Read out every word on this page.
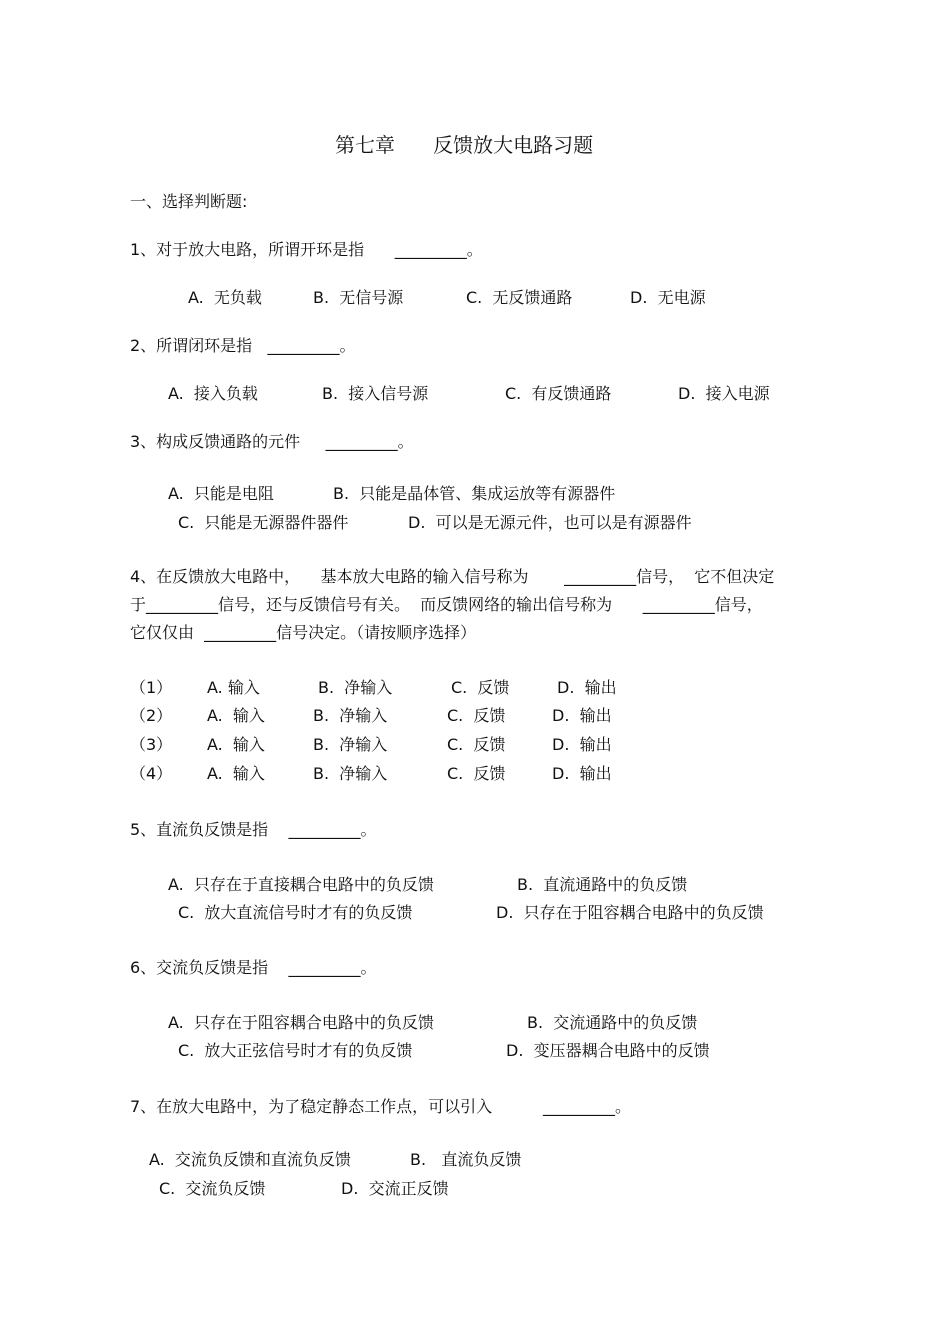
第七章      反馈放大电路习题
一、选择判断题:
1、对于放大电路，所谓开环是指      _________。
A.  无负载	B.  无信号源	C.  无反馈通路	D.  无电源
2、所谓闭环是指   _________。
A.  接入负载	B.  接入信号源	C.  有反馈通路	D.  接入电源
3、构成反馈通路的元件     _________。
A.  只能是电阻	B.  只能是晶体管、集成运放等有源器件
C.  只能是无源器件器件	D.  可以是无源元件，也可以是有源器件
4、在反馈放大电路中，    基本放大电路的输入信号称为       _________信号，  它不但决定
于_________信号，还与反馈信号有关。  而反馈网络的输出信号称为      _________信号，
它仅仅由  _________信号决定。（请按顺序选择）
（1） A. 输入	B.  净输入	C.  反馈	D.  输出
（2） A.  输入	B.  净输入	C.  反馈	D.  输出
（3） A.  输入	B.  净输入	C.  反馈	D.  输出
（4） A.  输入	B.  净输入	C.  反馈	D.  输出
5、直流负反馈是指    _________。
A.  只存在于直接耦合电路中的负反馈	B.  直流通路中的负反馈
C.  放大直流信号时才有的负反馈	D.  只存在于阻容耦合电路中的负反馈
6、交流负反馈是指    _________。
A.  只存在于阻容耦合电路中的负反馈	B.  交流通路中的负反馈
C.  放大正弦信号时才有的负反馈	D.  变压器耦合电路中的反馈
7、在放大电路中，为了稳定静态工作点，可以引入          _________。
A.  交流负反馈和直流负反馈	B.   直流负反馈
C.  交流负反馈	D.  交流正反馈
